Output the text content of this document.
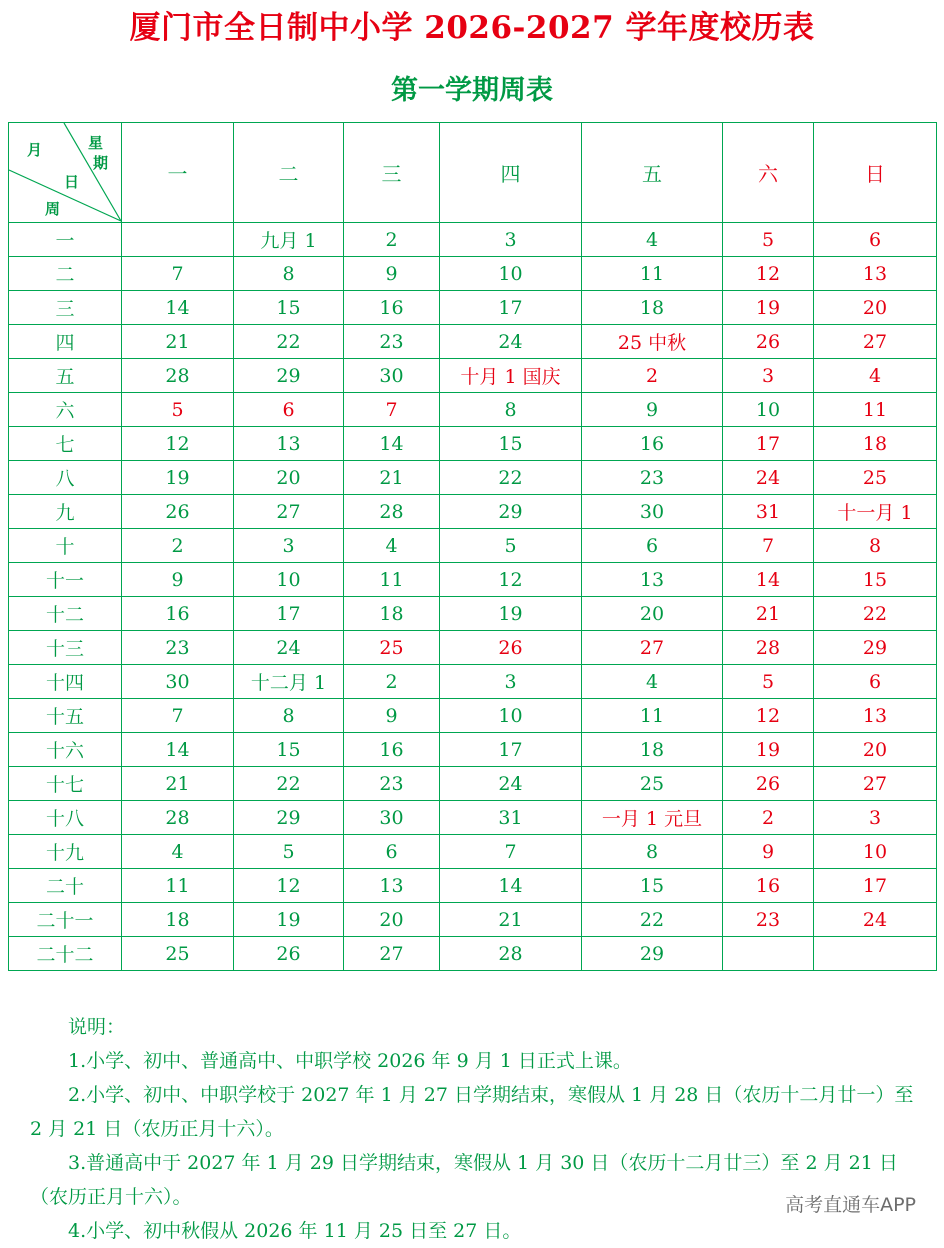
厦门市全日制中小学 2026-2027 学年度校历表
第一学期周表
月 星
期
日
周	一	二	三	四	五	六	日
一		九月 1	2	3	4	5	6
二	7	8	9	10	11	12	13
三	14	15	16	17	18	19	20
四	21	22	23	24	25 中秋	26	27
五	28	29	30	十月 1 国庆	2	3	4
六	5	6	7	8	9	10	11
七	12	13	14	15	16	17	18
八	19	20	21	22	23	24	25
九	26	27	28	29	30	31	十一月 1
十	2	3	4	5	6	7	8
十一	9	10	11	12	13	14	15
十二	16	17	18	19	20	21	22
十三	23	24	25	26	27	28	29
十四	30	十二月 1	2	3	4	5	6
十五	7	8	9	10	11	12	13
十六	14	15	16	17	18	19	20
十七	21	22	23	24	25	26	27
十八	28	29	30	31	一月 1 元旦	2	3
十九	4	5	6	7	8	9	10
二十	11	12	13	14	15	16	17
二十一	18	19	20	21	22	23	24
二十二	25	26	27	28	29		

说明：

1.小学、初中、普通高中、中职学校 2026 年 9 月 1 日正式上课。

2.小学、初中、中职学校于 2027 年 1 月 27 日学期结束，寒假从 1 月 28 日（农历十二月廿一）至 2 月 21 日（农历正月十六）。

3.普通高中于 2027 年 1 月 29 日学期结束，寒假从 1 月 30 日（农历十二月廿三）至 2 月 21 日（农历正月十六）。

4.小学、初中秋假从 2026 年 11 月 25 日至 27 日。

高考直通车APP
